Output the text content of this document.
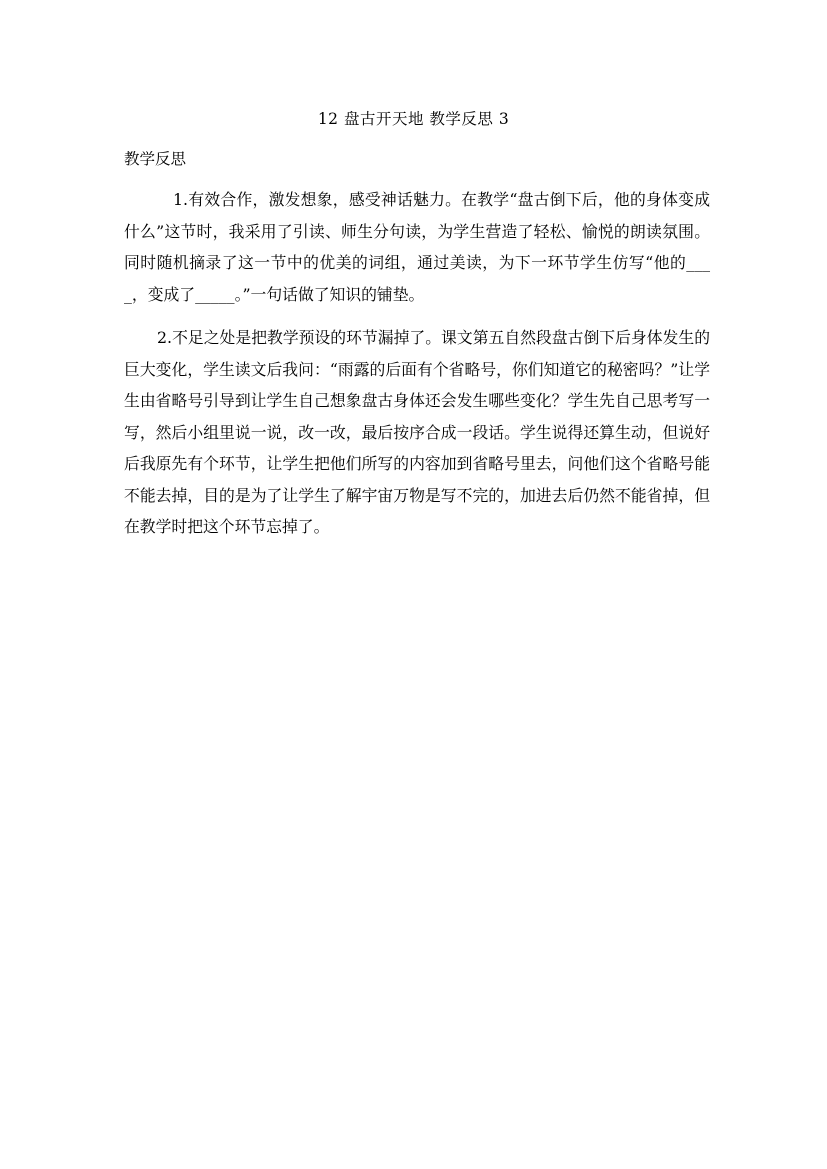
12 盘古开天地 教学反思 3
教学反思

1.有效合作，激发想象，感受神话魅力。在教学“盘古倒下后，他的身体变成什么”这节时，我采用了引读、师生分句读，为学生营造了轻松、愉悦的朗读氛围。同时随机摘录了这一节中的优美的词组，通过美读，为下一环节学生仿写“他的____，变成了_____。”一句话做了知识的铺垫。

2.不足之处是把教学预设的环节漏掉了。课文第五自然段盘古倒下后身体发生的巨大变化，学生读文后我问：“雨露的后面有个省略号，你们知道它的秘密吗？”让学生由省略号引导到让学生自己想象盘古身体还会发生哪些变化？学生先自己思考写一写，然后小组里说一说，改一改，最后按序合成一段话。学生说得还算生动，但说好后我原先有个环节，让学生把他们所写的内容加到省略号里去，问他们这个省略号能不能去掉，目的是为了让学生了解宇宙万物是写不完的，加进去后仍然不能省掉，但在教学时把这个环节忘掉了。
